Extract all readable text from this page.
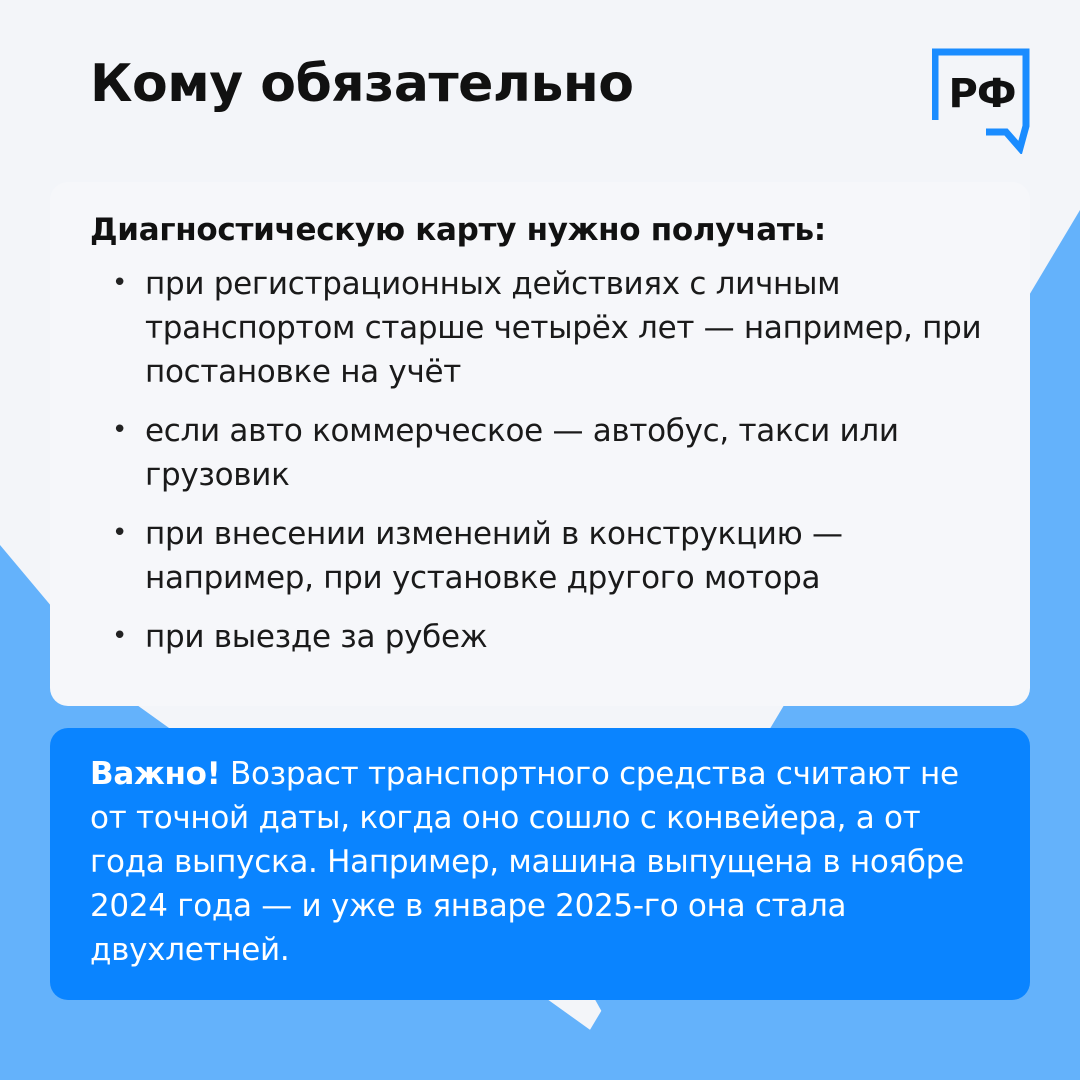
Кому обязательно	РФ
Диагностическую карту нужно получать:
• при регистрационных действиях с личным транспортом старше четырёх лет — например, при постановке на учёт
• если авто коммерческое — автобус, такси или грузовик
• при внесении изменений в конструкцию — например, при установке другого мотора
• при выезде за рубеж
Важно! Возраст транспортного средства считают не от точной даты, когда оно сошло с конвейера, а от года выпуска. Например, машина выпущена в ноябре 2024 года — и уже в январе 2025-го она стала двухлетней.
